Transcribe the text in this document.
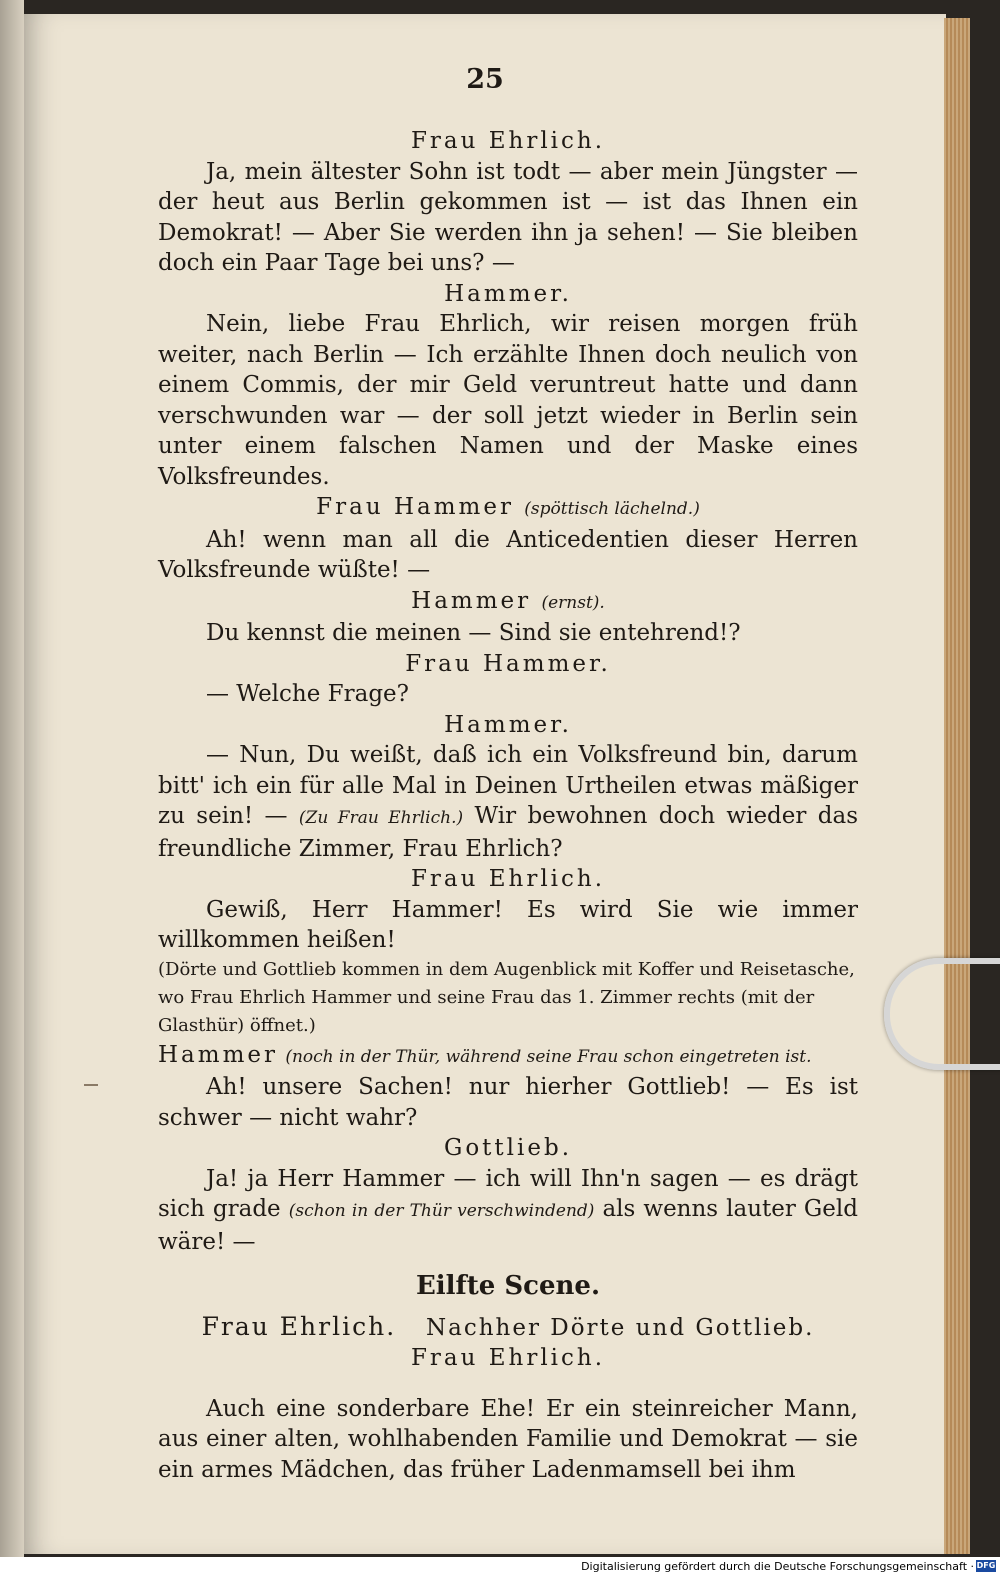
25

Frau Ehrlich.

Ja, mein ältester Sohn ist todt — aber mein Jüngster — der heut aus Berlin gekommen ist — ist das Ihnen ein Demokrat! — Aber Sie werden ihn ja sehen! — Sie bleiben doch ein Paar Tage bei uns? —

Hammer.

Nein, liebe Frau Ehrlich, wir reisen morgen früh weiter, nach Berlin — Ich erzählte Ihnen doch neulich von einem Commis, der mir Geld veruntreut hatte und dann verschwunden war — der soll jetzt wieder in Berlin sein unter einem falschen Namen und der Maske eines Volksfreundes.

Frau Hammer (spöttisch lächelnd.)

Ah! wenn man all die Anticedentien dieser Herren Volksfreunde wüßte! —

Hammer (ernst).

Du kennst die meinen — Sind sie entehrend!?

Frau Hammer.

— Welche Frage?

Hammer.

— Nun, Du weißt, daß ich ein Volksfreund bin, darum bitt' ich ein für alle Mal in Deinen Urtheilen etwas mäßiger zu sein! — (Zu Frau Ehrlich.) Wir bewohnen doch wieder das freundliche Zimmer, Frau Ehrlich?

Frau Ehrlich.

Gewiß, Herr Hammer! Es wird Sie wie immer willkommen heißen!

(Dörte und Gottlieb kommen in dem Augenblick mit Koffer und Reisetasche, wo Frau Ehrlich Hammer und seine Frau das 1. Zimmer rechts (mit der Glasthür) öffnet.)

Hammer (noch in der Thür, während seine Frau schon eingetreten ist.

Ah! unsere Sachen! nur hierher Gottlieb! — Es ist schwer — nicht wahr?

Gottlieb.

Ja! ja Herr Hammer — ich will Ihn'n sagen — es drägt sich grade (schon in der Thür verschwindend) als wenns lauter Geld wäre! —

Eilfte Scene.

Frau Ehrlich. Nachher Dörte und Gottlieb.

Frau Ehrlich.

Auch eine sonderbare Ehe! Er ein steinreicher Mann, aus einer alten, wohlhabenden Familie und Demokrat — sie ein armes Mädchen, das früher Ladenmamsell bei ihm

Digitalisierung gefördert durch die Deutsche Forschungsgemeinschaft · DFG
